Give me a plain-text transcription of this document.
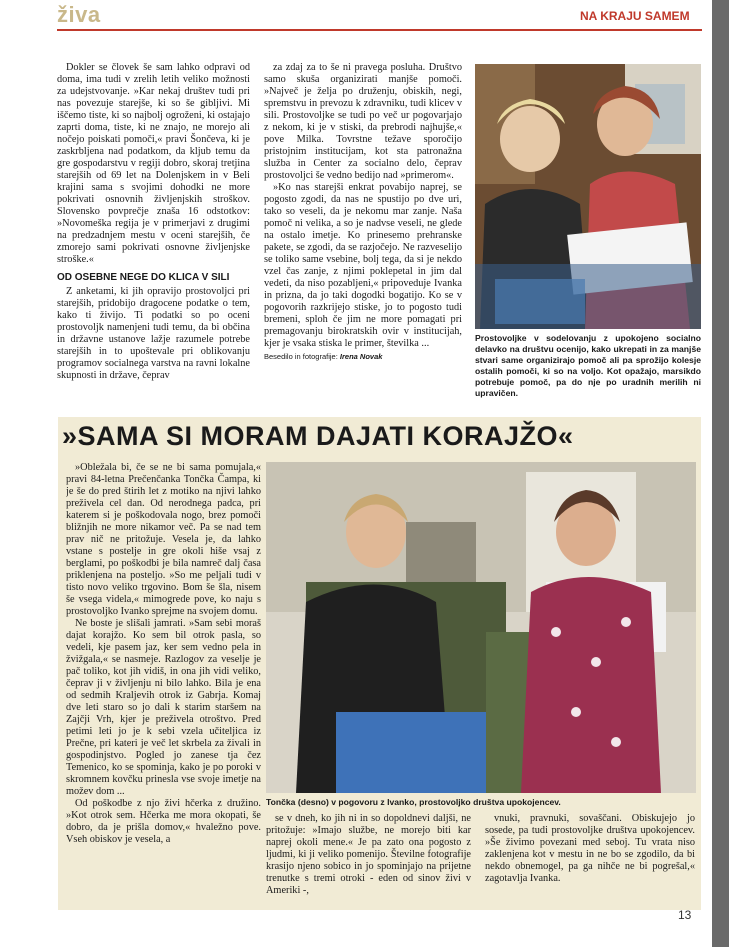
živa	NA KRAJU SAMEM

Dokler se človek še sam lahko odpravi od doma, ima tudi v zrelih letih veliko možnosti za udejstvovanje. »Kar nekaj društev tudi pri nas povezuje starejše, ki so še gibljivi. Mi iščemo tiste, ki so najbolj ogroženi, ki ostajajo zaprti doma, tiste, ki ne znajo, ne morejo ali nočejo poiskati pomoči,« pravi Šončeva, ki je zaskrbljena nad podatkom, da kljub temu da gre gospodarstvu v regiji dobro, skoraj tretjina starejših od 69 let na Dolenjskem in v Beli krajini sama s svojimi dohodki ne more pokrivati osnovnih življenjskih stroškov. Slovensko povprečje znaša 16 odstotkov: »Novomeška regija je v primerjavi z drugimi na predzadnjem mestu v oceni starejših, če zmorejo sami pokrivati osnovne življenjske stroške.«

OD OSEBNE NEGE DO KLICA V SILI

Z anketami, ki jih opravijo prostovoljci pri starejših, pridobijo dragocene podatke o tem, kako ti živijo. Ti podatki so po oceni prostovoljk namenjeni tudi temu, da bi občina in državne ustanove lažje razumele potrebe starejših in to upoštevale pri oblikovanju programov socialnega varstva na ravni lokalne skupnosti in države, čeprav

za zdaj za to še ni pravega posluha. Društvo samo skuša organizirati manjše pomoči. »Največ je želja po druženju, obiskih, negi, spremstvu in prevozu k zdravniku, tudi klicev v sili. Prostovoljke se tudi po več ur pogovarjajo z nekom, ki je v stiski, da prebrodi najhujše,« pove Milka. Tovrstne težave sporočijo pristojnim institucijam, kot sta patronažna služba in Center za socialno delo, čeprav prostovoljci še vedno bedijo nad »primerom«.

»Ko nas starejši enkrat povabijo naprej, se pogosto zgodi, da nas ne spustijo po dve uri, tako so veseli, da je nekomu mar zanje. Naša pomoč ni velika, a so je nadvse veseli, ne glede na ostalo imetje. Ko prinesemo prehranske pakete, se zgodi, da se razjočejo. Ne razveselijo se toliko same vsebine, bolj tega, da si je nekdo vzel čas zanje, z njimi poklepetal in jim dal vedeti, da niso pozabljeni,« pripoveduje Ivanka in prizna, da jo taki dogodki bogatijo. Ko se v pogovorih razkrijejo stiske, jo to pogosto tudi bremeni, sploh če jim ne more pomagati pri premagovanju birokratskih ovir v institucijah, kjer je vsaka stiska le primer, številka ...

Besedilo in fotografije: Irena Novak
Prostovoljke v sodelovanju z upokojeno socialno delavko na društvu ocenijo, kako ukrepati in za manjše stvari same organizirajo pomoč ali pa sprožijo kolesje ostalih pomoči, ki so na voljo. Kot opažajo, marsikdo potrebuje pomoč, pa do nje po uradnih merilih ni upravičen.
»SAMA SI MORAM DAJATI KORAJŽO«

»Obležala bi, če se ne bi sama pomujala,« pravi 84-letna Prečenčanka Tončka Čampa, ki je še do pred štirih let z motiko na njivi lahko preživela cel dan. Od nerodnega padca, pri katerem si je poškodovala nogo, brez pomoči bližnjih ne more nikamor več. Pa se nad tem prav nič ne pritožuje. Vesela je, da lahko vstane s postelje in gre okoli hiše vsaj z berglami, po poškodbi je bila namreč dalj časa priklenjena na posteljo. »So me peljali tudi v tisto novo veliko trgovino. Bom še šla, nisem še vsega videla,« mimogrede pove, ko naju s prostovoljko Ivanko sprejme na svojem domu.

Ne boste je slišali jamrati. »Sam sebi moraš dajat korajžo. Ko sem bil otrok pasla, so vedeli, kje pasem jaz, ker sem vedno pela in žvižgala,« se nasmeje. Razlogov za veselje je pač toliko, kot jih vidiš, in ona jih vidi veliko, čeprav ji v življenju ni bilo lahko. Bila je ena od sedmih Kraljevih otrok iz Gabrja. Komaj dve leti staro so jo dali k starim staršem na Zajčji Vrh, kjer je preživela otroštvo. Pred petimi leti jo je k sebi vzela učiteljica iz Prečne, pri kateri je več let skrbela za živali in gospodinjstvo. Pogled jo zanese tja čez Temenico, ko se spominja, kako je po poroki v skromnem kovčku prinesla vse svoje imetje na možev dom ...

Od poškodbe z njo živi hčerka z družino. »Kot otrok sem. Hčerka me mora okopati, še dobro, da je prišla domov,« hvaležno pove. Vseh obiskov je vesela, a

Tončka (desno) v pogovoru z Ivanko, prostovoljko društva upokojencev.

se v dneh, ko jih ni in so dopoldnevi daljši, ne pritožuje: »Imajo službe, ne morejo biti kar naprej okoli mene.« Je pa zato ona pogosto z ljudmi, ki ji veliko pomenijo. Številne fotografije krasijo njeno sobico in jo spominjajo na prijetne trenutke s tremi otroki - eden od sinov živi v Ameriki -,

vnuki, pravnuki, sovaščani. Obiskujejo jo sosede, pa tudi prostovoljke društva upokojencev. »Še živimo povezani med seboj. Tu vrata niso zaklenjena kot v mestu in ne bo se zgodilo, da bi nekdo obnemogel, pa ga nihče ne bi pogrešal,« zagotavlja Ivanka.

13
